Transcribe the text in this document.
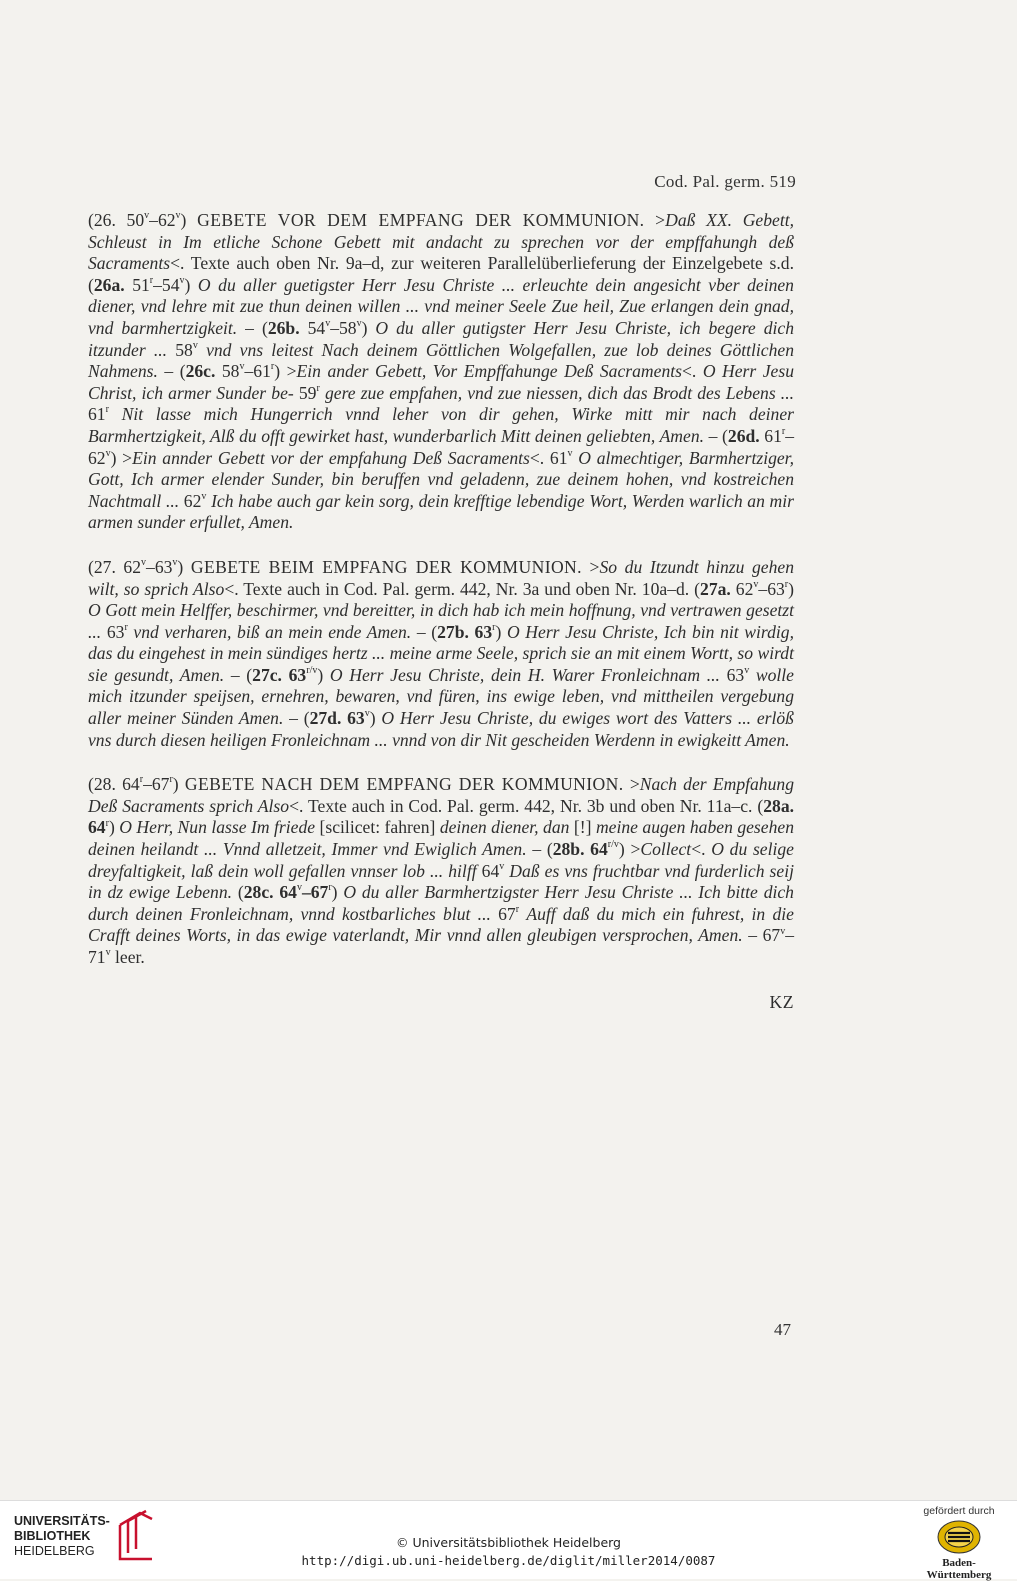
Cod. Pal. germ. 519

(26. 50$^v$–62$^v$) GEBETE VOR DEM EMPFANG DER KOMMUNION. >Daß XX. Gebett, Schleust in Im etliche Schone Gebett mit andacht zu sprechen vor der empffahungh deß Sacraments<. Texte auch oben Nr. 9a–d, zur weiteren Parallelüberlieferung der Einzelgebete s.d. (26a. 51$^r$–54$^v$) O du aller guetigster Herr Jesu Christe ... erleuchte dein angesicht vber deinen diener, vnd lehre mit zue thun deinen willen ... vnd meiner Seele Zue heil, Zue erlangen dein gnad, vnd barmhertzigkeit. – (26b. 54$^v$–58$^v$) O du aller gutigster Herr Jesu Christe, ich begere dich itzunder ... 58$^v$ vnd vns leitest Nach deinem Göttlichen Wolgefallen, zue lob deines Göttlichen Nahmens. – (26c. $58^v-61^r) >Ein$ ander Gebett, Vor Empffahunge Deß Sacraments<. O Herr Jesu Christ, ich armer Sunder be- 59$^r$ gere zue empfahen, vnd zue niessen, dich das Brodt des Lebens ... 61$^r$ Nit lasse mich Hungerrich vnnd leher von dir gehen, Wirke mitt mir nach deiner Barmhertzigkeit, Alß du offt gewirket hast, wunderbarlich Mitt deinen geliebten, Amen. – (26d. $61^r-62^v) >Ein$ annder Gebett vor der empfahung Deß Sacraments<. 61$^v$ O almechtiger, Barmhertziger, Gott, Ich armer elender Sunder, bin beruffen vnd geladenn, zue deinem hohen, vnd kostreichen Nachtmall ... 62$^v$ Ich habe auch gar kein sorg, dein krefftige lebendige Wort, Werden warlich an mir armen sunder erfullet, Amen.

(27. 62$^v$–63$^v$) GEBETE BEIM EMPFANG DER KOMMUNION. >So du Itzundt hinzu gehen wilt, so sprich Also<. Texte auch in Cod. Pal. germ. 442, Nr. 3a und oben Nr. 10a–d. (27a. 62$^v$–63$^r$) O Gott mein Helffer, beschirmer, vnd bereitter, in dich hab ich mein hoffnung, vnd vertrawen gesetzt ... 63$^r$ vnd verharen, biß an mein ende Amen. – (27b. 63$^r$) O Herr Jesu Christe, Ich bin nit wirdig, das du eingehest in mein sündiges hertz ... meine arme Seele, sprich sie an mit einem Wortt, so wirdt sie gesundt, Amen. – (27c. $63^{r/v}$) O Herr Jesu Christe, dein H. Warer Fronleichnam ... 63$^v$ wolle mich itzunder speijsen, ernehren, bewaren, vnd füren, ins ewige leben, vnd mittheilen vergebung aller meiner Sünden Amen. – (27d. 63$^v$) O Herr Jesu Christe, du ewiges wort des Vatters ... erlöß vns durch diesen heiligen Fronleichnam ... vnnd von dir Nit gescheiden Werdenn in ewigkeitt Amen.

(28. 64$^r$–67$^r$) GEBETE NACH DEM EMPFANG DER KOMMUNION. >Nach der Empfahung Deß Sacraments sprich Also<. Texte auch in Cod. Pal. germ. 442, Nr. 3b und oben Nr. 11a–c. (28a. 64$^r$) O Herr, Nun lasse Im friede [scilicet: fahren] deinen diener, dan [!] meine augen haben gesehen deinen heilandt ... Vnnd alletzeit, Immer vnd Ewiglich Amen. – (28b. $64^{r/v}$) >Collect<. O du selige dreyfaltigkeit, laß dein woll gefallen vnnser lob ... hilff 64$^v$ Daß es vns fruchtbar vnd furderlich seij in dz ewige Lebenn. (28c. 64$^v$–67$^r$) O du aller Barmhertzigster Herr Jesu Christe ... Ich bitte dich durch deinen Fronleichnam, vnnd kostbarliches blut ... 67$^r$ Auff daß du mich ein fuhrest, in die Crafft deines Worts, in das ewige vaterlandt, Mir vnnd allen gleubigen versprochen, Amen. – 67$^v$–71$^v$ leer.

KZ
47
UNIVERSITÄTS-
BIBLIOTHEK
HEIDELBERG
© Universitätsbibliothek Heidelberg
http://digi.ub.uni-heidelberg.de/diglit/miller2014/0087
gefördert durch
Baden-Württemberg
